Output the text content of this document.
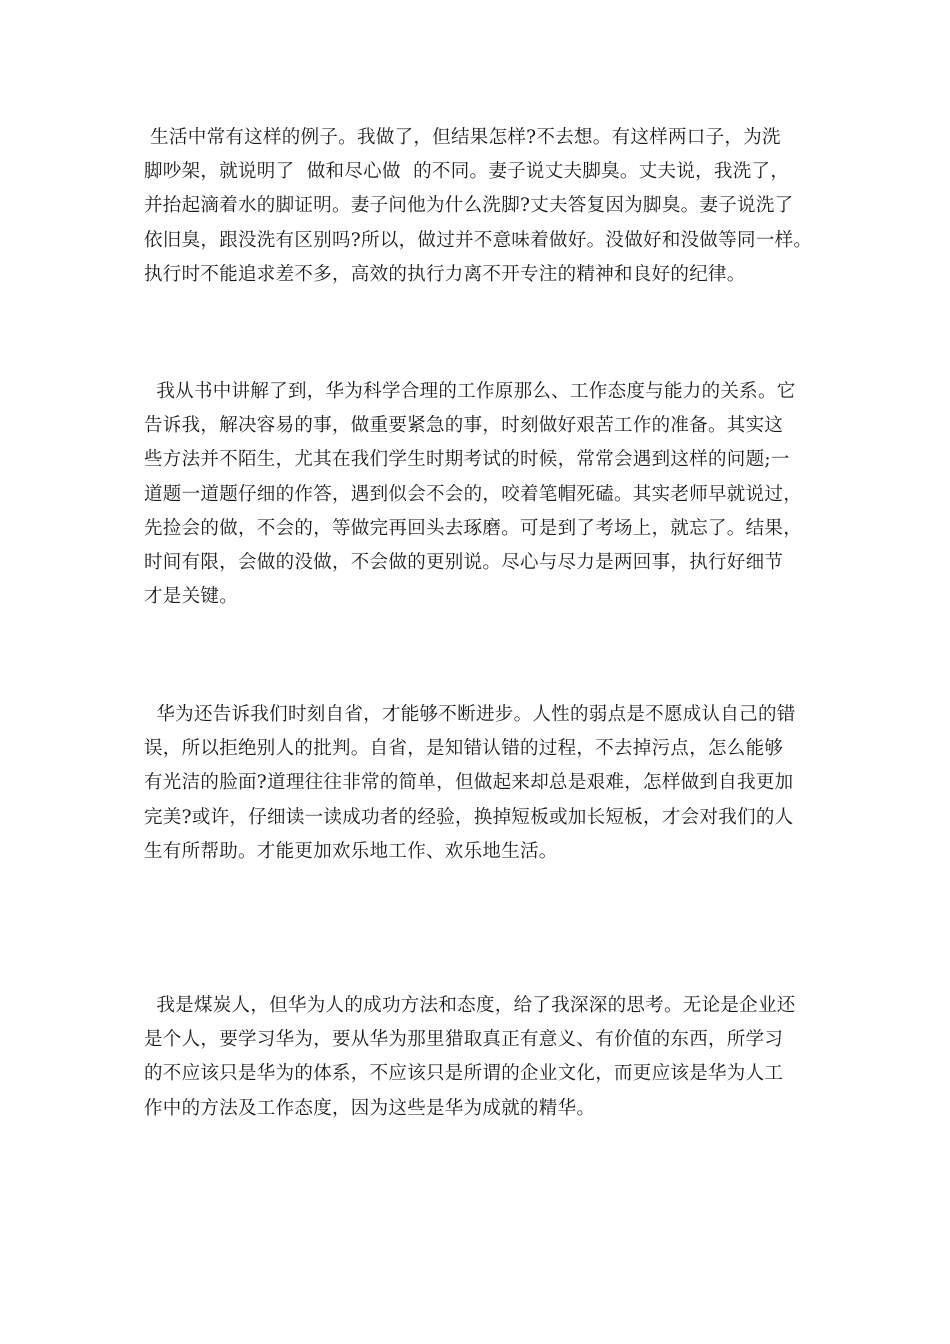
生活中常有这样的例子。我做了，但结果怎样?不去想。有这样两口子，为洗
脚吵架，就说明了  做和尽心做  的不同。妻子说丈夫脚臭。丈夫说，我洗了，
并抬起滴着水的脚证明。妻子问他为什么洗脚?丈夫答复因为脚臭。妻子说洗了
依旧臭，跟没洗有区别吗?所以，做过并不意味着做好。没做好和没做等同一样。
执行时不能追求差不多，高效的执行力离不开专注的精神和良好的纪律。
我从书中讲解了到，华为科学合理的工作原那么、工作态度与能力的关系。它
告诉我，解决容易的事，做重要紧急的事，时刻做好艰苦工作的准备。其实这
些方法并不陌生，尤其在我们学生时期考试的时候，常常会遇到这样的问题;一
道题一道题仔细的作答，遇到似会不会的，咬着笔帽死磕。其实老师早就说过，
先捡会的做，不会的，等做完再回头去琢磨。可是到了考场上，就忘了。结果，
时间有限，会做的没做，不会做的更别说。尽心与尽力是两回事，执行好细节
才是关键。
华为还告诉我们时刻自省，才能够不断进步。人性的弱点是不愿成认自己的错
误，所以拒绝别人的批判。自省，是知错认错的过程，不去掉污点，怎么能够
有光洁的脸面?道理往往非常的简单，但做起来却总是艰难，怎样做到自我更加
完美?或许，仔细读一读成功者的经验，换掉短板或加长短板，才会对我们的人
生有所帮助。才能更加欢乐地工作、欢乐地生活。
我是煤炭人，但华为人的成功方法和态度，给了我深深的思考。无论是企业还
是个人，要学习华为，要从华为那里猎取真正有意义、有价值的东西，所学习
的不应该只是华为的体系，不应该只是所谓的企业文化，而更应该是华为人工
作中的方法及工作态度，因为这些是华为成就的精华。
